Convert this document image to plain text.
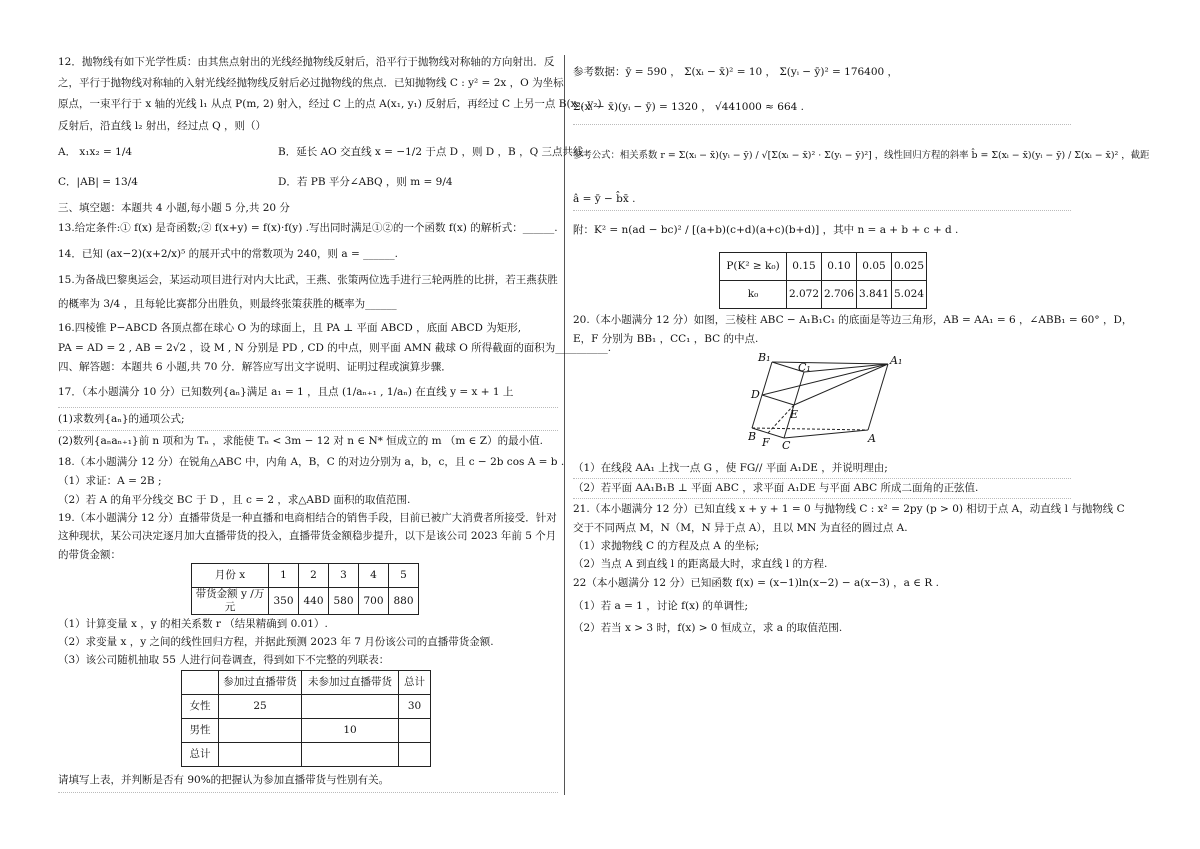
12．抛物线有如下光学性质：由其焦点射出的光线经抛物线反射后，沿平行于抛物线对称轴的方向射出．反
之，平行于抛物线对称轴的入射光线经抛物线反射后必过抛物线的焦点．已知抛物线 C : y² = 2x ，O 为坐标
原点，一束平行于 x 轴的光线 l₁ 从点 P(m, 2) 射入，经过 C 上的点 A(x₁, y₁) 反射后，再经过 C 上另一点 B(x₂, y₂)
反射后，沿直线 l₂ 射出，经过点 Q ，则（）
A． x₁x₂ = 1/4	B．延长 AO 交直线 x = −1/2 于点 D ，则 D ，B ，Q 三点共线
C．|AB| = 13/4	D．若 PB 平分∠ABQ ，则 m = 9/4
三、填空题：本题共 4 小题,每小题 5 分,共 20 分
13.给定条件:① f(x) 是奇函数;② f(x+y) = f(x)·f(y) .写出同时满足①②的一个函数 f(x) 的解析式：______.
14．已知 (ax−2)(x+2/x)⁵ 的展开式中的常数项为 240，则 a = ______.
15.为备战巴黎奥运会，某运动项目进行对内大比武，王燕、张策两位选手进行三轮两胜的比拼，若王燕获胜
的概率为 3/4 ，且每轮比赛都分出胜负，则最终张策获胜的概率为______
16.四棱锥 P−ABCD 各顶点都在球心 O 为的球面上，且 PA ⊥ 平面 ABCD ，底面 ABCD 为矩形,
PA = AD = 2 , AB = 2√2 ，设 M , N 分别是 PD , CD 的中点，则平面 AMN 截球 O 所得截面的面积为__________.
四、解答题：本题共 6 小题,共 70 分．解答应写出文字说明、证明过程或演算步骤．
17．（本小题满分 10 分）已知数列{aₙ}满足 a₁ = 1 ，且点 (1/aₙ₊₁ , 1/aₙ) 在直线 y = x + 1 上
(1)求数列{aₙ}的通项公式;
(2)数列{aₙaₙ₊₁}前 n 项和为 Tₙ ，求能使 Tₙ < 3m − 12 对 n ∈ N* 恒成立的 m （m ∈ Z）的最小值.
18.（本小题满分 12 分）在锐角△ABC 中，内角 A，B，C 的对边分别为 a，b，c，且 c − 2b cos A = b .
（1）求证：A = 2B ;
（2）若 A 的角平分线交 BC 于 D ，且 c = 2 ，求△ABD 面积的取值范围.
19.（本小题满分 12 分）直播带货是一种直播和电商相结合的销售手段，目前已被广大消费者所接受．针对
这种现状，某公司决定逐月加大直播带货的投入，直播带货金额稳步提升，以下是该公司 2023 年前 5 个月
的带货金额：
月份 x	1	2	3	4	5
带货金额 y /万元	350	440	580	700	880
（1）计算变量 x ，y 的相关系数 r （结果精确到 0.01）.
（2）求变量 x ，y 之间的线性回归方程，并据此预测 2023 年 7 月份该公司的直播带货金额.
（3）该公司随机抽取 55 人进行问卷调查，得到如下不完整的列联表：
	参加过直播带货	未参加过直播带货	总计
女性	25		30
男性		10	
总计			
请填写上表，并判断是否有 90%的把握认为参加直播带货与性别有关。
参考数据：ȳ = 590 ， Σ(xᵢ − x̄)² = 10 ， Σ(yᵢ − ȳ)² = 176400 ，
Σ(xᵢ − x̄)(yᵢ − ȳ) = 1320 ， √441000 ≈ 664 .
参考公式：相关系数 r = Σ(xᵢ − x̄)(yᵢ − ȳ) / √[Σ(xᵢ − x̄)² · Σ(yᵢ − ȳ)²] ，线性回归方程的斜率 b̂ = Σ(xᵢ − x̄)(yᵢ − ȳ) / Σ(xᵢ − x̄)² ，截距
â = ȳ − b̂x̄ .
附：K² = n(ad − bc)² / [(a+b)(c+d)(a+c)(b+d)] ，其中 n = a + b + c + d .
P(K² ≥ k₀)	0.15	0.10	0.05	0.025
k₀	2.072	2.706	3.841	5.024
20.（本小题满分 12 分）如图，三棱柱 ABC − A₁B₁C₁ 的底面是等边三角形，AB = AA₁ = 6 ，∠ABB₁ = 60° ，D，
E，F 分别为 BB₁ ，CC₁ ，BC 的中点.
B₁
C₁
A₁
D
E
B F C
A
（1）在线段 AA₁ 上找一点 G ，使 FG// 平面 A₁DE ，并说明理由;
（2）若平面 AA₁B₁B ⊥ 平面 ABC ，求平面 A₁DE 与平面 ABC 所成二面角的正弦值.
21.（本小题满分 12 分）已知直线 x + y + 1 = 0 与抛物线 C : x² = 2py (p > 0) 相切于点 A，动直线 l 与抛物线 C
交于不同两点 M，N（M，N 异于点 A），且以 MN 为直径的圆过点 A.
（1）求抛物线 C 的方程及点 A 的坐标;
（2）当点 A 到直线 l 的距离最大时，求直线 l 的方程.
22（本小题满分 12 分）已知函数 f(x) = (x−1)ln(x−2) − a(x−3) ，a ∈ R .
（1）若 a = 1 ，讨论 f(x) 的单调性;
（2）若当 x > 3 时，f(x) > 0 恒成立，求 a 的取值范围.
